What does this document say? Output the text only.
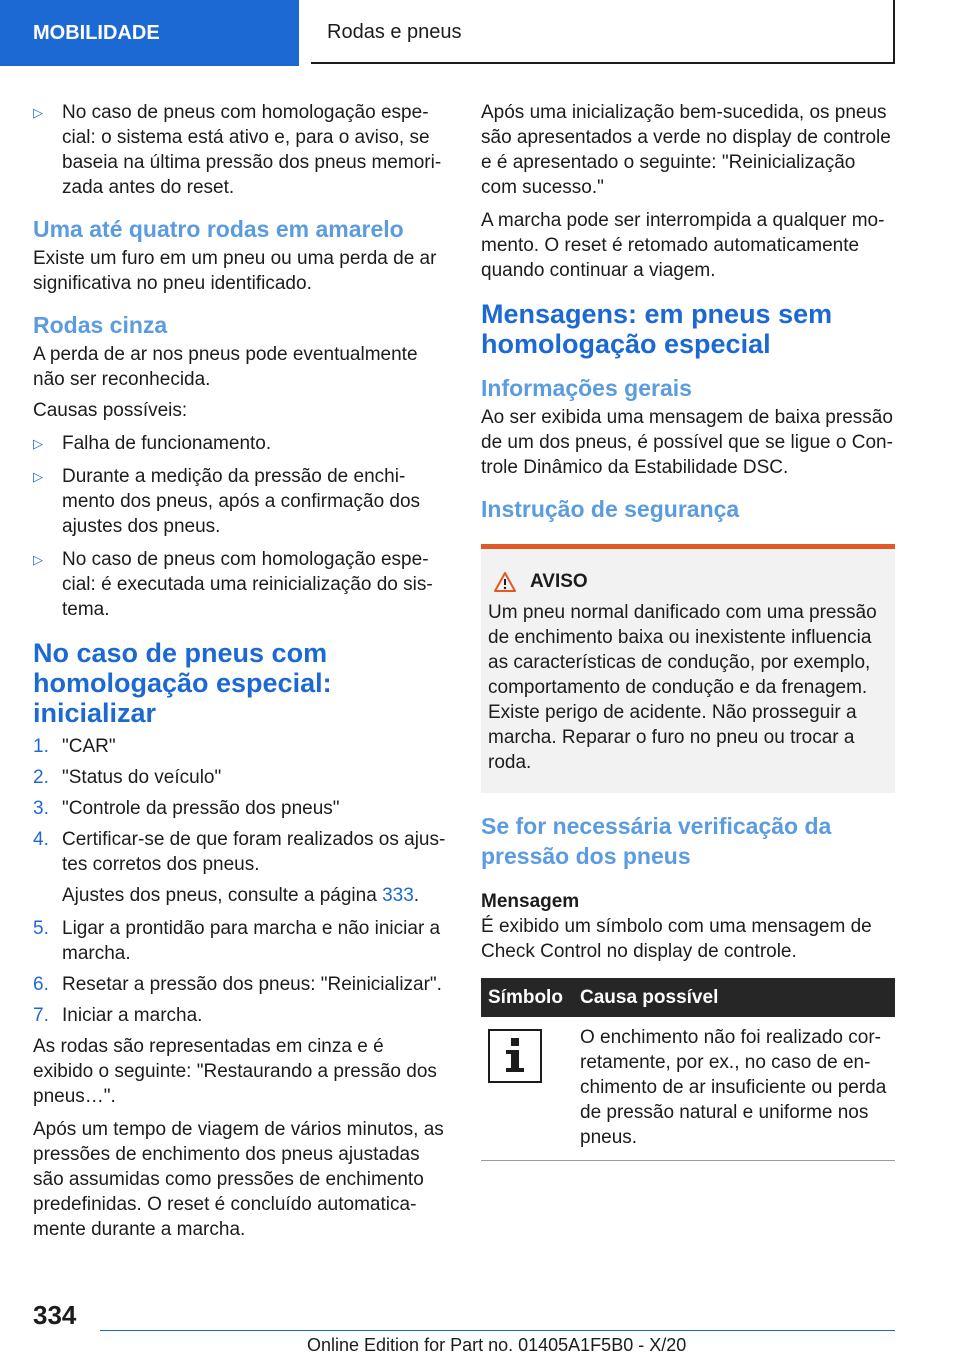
MOBILIDADE	Rodas e pneus
▷ No caso de pneus com homologação especial: o sistema está ativo e, para o aviso, se baseia na última pressão dos pneus memorizada antes do reset.
Uma até quatro rodas em amarelo
Existe um furo em um pneu ou uma perda de ar significativa no pneu identificado.
Rodas cinza
A perda de ar nos pneus pode eventualmente não ser reconhecida.
Causas possíveis:
▷ Falha de funcionamento.
▷ Durante a medição da pressão de enchimento dos pneus, após a confirmação dos ajustes dos pneus.
▷ No caso de pneus com homologação especial: é executada uma reinicialização do sistema.
No caso de pneus com homologação especial: inicializar
1. "CAR"
2. "Status do veículo"
3. "Controle da pressão dos pneus"
4. Certificar-se de que foram realizados os ajustes corretos dos pneus.
Ajustes dos pneus, consulte a página 333.
5. Ligar a prontidão para marcha e não iniciar a marcha.
6. Resetar a pressão dos pneus: "Reinicializar".
7. Iniciar a marcha.
As rodas são representadas em cinza e é exibido o seguinte: "Restaurando a pressão dos pneus…".
Após um tempo de viagem de vários minutos, as pressões de enchimento dos pneus ajustadas são assumidas como pressões de enchimento predefinidas. O reset é concluído automaticamente durante a marcha.
Após uma inicialização bem-sucedida, os pneus são apresentados a verde no display de controle e é apresentado o seguinte: "Reinicialização com sucesso."
A marcha pode ser interrompida a qualquer momento. O reset é retomado automaticamente quando continuar a viagem.
Mensagens: em pneus sem homologação especial
Informações gerais
Ao ser exibida uma mensagem de baixa pressão de um dos pneus, é possível que se ligue o Controle Dinâmico da Estabilidade DSC.
Instrução de segurança
AVISO
Um pneu normal danificado com uma pressão de enchimento baixa ou inexistente influencia as características de condução, por exemplo, comportamento de condução e da frenagem. Existe perigo de acidente. Não prosseguir a marcha. Reparar o furo no pneu ou trocar a roda.
Se for necessária verificação da pressão dos pneus
Mensagem
É exibido um símbolo com uma mensagem de Check Control no display de controle.
Símbolo	Causa possível

	O enchimento não foi realizado corretamente, por ex., no caso de enchimento de ar insuficiente ou perda de pressão natural e uniforme nos pneus.
334
Online Edition for Part no. 01405A1F5B0 - X/20
